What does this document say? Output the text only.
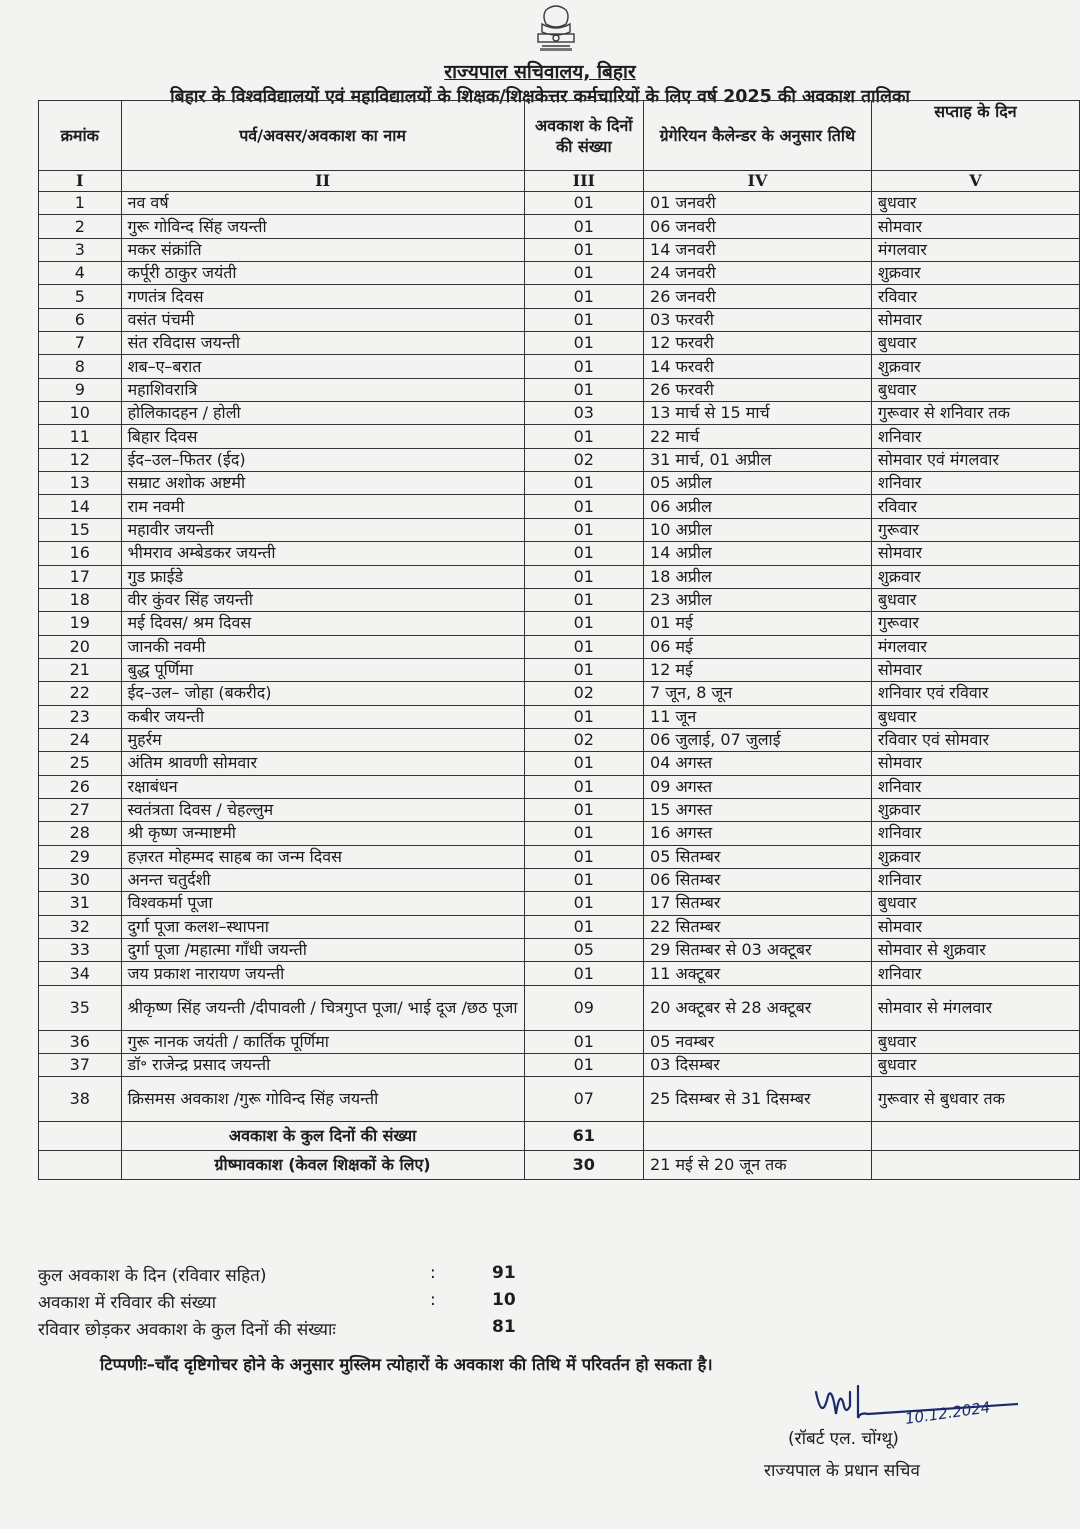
राज्यपाल सचिवालय, बिहार
बिहार के विश्वविद्यालयों एवं महाविद्यालयों के शिक्षक/शिक्षकेत्तर कर्मचारियों के लिए वर्ष 2025 की अवकाश तालिका
क्रमांक	पर्व/अवसर/अवकाश का नाम	अवकाश के दिनों की संख्या	ग्रेगेरियन कैलेन्डर के अनुसार तिथि	सप्ताह के दिन
I	II	III	IV	V
1	नव वर्ष	01	01 जनवरी	बुधवार
2	गुरू गोविन्द सिंह जयन्ती	01	06 जनवरी	सोमवार
3	मकर संक्रांति	01	14 जनवरी	मंगलवार
4	कर्पूरी ठाकुर जयंती	01	24 जनवरी	शुक्रवार
5	गणतंत्र दिवस	01	26 जनवरी	रविवार
6	वसंत पंचमी	01	03 फरवरी	सोमवार
7	संत रविदास जयन्ती	01	12 फरवरी	बुधवार
8	शब–ए–बरात	01	14 फरवरी	शुक्रवार
9	महाशिवरात्रि	01	26 फरवरी	बुधवार
10	होलिकादहन / होली	03	13 मार्च से 15 मार्च	गुरूवार से शनिवार तक
11	बिहार दिवस	01	22 मार्च	शनिवार
12	ईद–उल–फितर (ईद)	02	31 मार्च, 01 अप्रील	सोमवार एवं मंगलवार
13	सम्राट अशोक अष्टमी	01	05 अप्रील	शनिवार
14	राम नवमी	01	06 अप्रील	रविवार
15	महावीर जयन्ती	01	10 अप्रील	गुरूवार
16	भीमराव अम्बेडकर जयन्ती	01	14 अप्रील	सोमवार
17	गुड फ्राईडे	01	18 अप्रील	शुक्रवार
18	वीर कुंवर सिंह जयन्ती	01	23 अप्रील	बुधवार
19	मई दिवस/ श्रम दिवस	01	01 मई	गुरूवार
20	जानकी नवमी	01	06 मई	मंगलवार
21	बुद्ध पूर्णिमा	01	12 मई	सोमवार
22	ईद–उल– जोहा (बकरीद)	02	7 जून, 8 जून	शनिवार एवं रविवार
23	कबीर जयन्ती	01	11 जून	बुधवार
24	मुहर्रम	02	06 जुलाई, 07 जुलाई	रविवार एवं सोमवार
25	अंतिम श्रावणी सोमवार	01	04 अगस्त	सोमवार
26	रक्षाबंधन	01	09 अगस्त	शनिवार
27	स्वतंत्रता दिवस / चेहल्लुम	01	15 अगस्त	शुक्रवार
28	श्री कृष्ण जन्माष्टमी	01	16 अगस्त	शनिवार
29	हज़रत मोहम्मद साहब का जन्म दिवस	01	05 सितम्बर	शुक्रवार
30	अनन्त चतुर्दशी	01	06 सितम्बर	शनिवार
31	विश्वकर्मा पूजा	01	17 सितम्बर	बुधवार
32	दुर्गा पूजा कलश–स्थापना	01	22 सितम्बर	सोमवार
33	दुर्गा पूजा /महात्मा गाँधी जयन्ती	05	29 सितम्बर से 03 अक्टूबर	सोमवार से शुक्रवार
34	जय प्रकाश नारायण जयन्ती	01	11 अक्टूबर	शनिवार
35	श्रीकृष्ण सिंह जयन्ती /दीपावली / चित्रगुप्त पूजा/ भाई दूज /छठ पूजा	09	20 अक्टूबर से 28 अक्टूबर	सोमवार से मंगलवार
36	गुरू नानक जयंती / कार्तिक पूर्णिमा	01	05 नवम्बर	बुधवार
37	डॉ॰ राजेन्द्र प्रसाद जयन्ती	01	03 दिसम्बर	बुधवार
38	क्रिसमस अवकाश /गुरू गोविन्द सिंह जयन्ती	07	25 दिसम्बर से 31 दिसम्बर	गुरूवार से बुधवार तक
	अवकाश के कुल दिनों की संख्या	61		
	ग्रीष्मावकाश (केवल शिक्षकों के लिए)	30	21 मई से 20 जून तक	
कुल अवकाश के दिन (रविवार सहित)	:	91
अवकाश में रविवार की संख्या	:	10
रविवार छोड़कर अवकाश के कुल दिनों की संख्याः	81
टिप्पणीः–चाँद दृष्टिगोचर होने के अनुसार मुस्लिम त्योहारों के अवकाश की तिथि में परिवर्तन हो सकता है।
10.12.2024
(रॉबर्ट एल. चोंग्थू)
राज्यपाल के प्रधान सचिव
